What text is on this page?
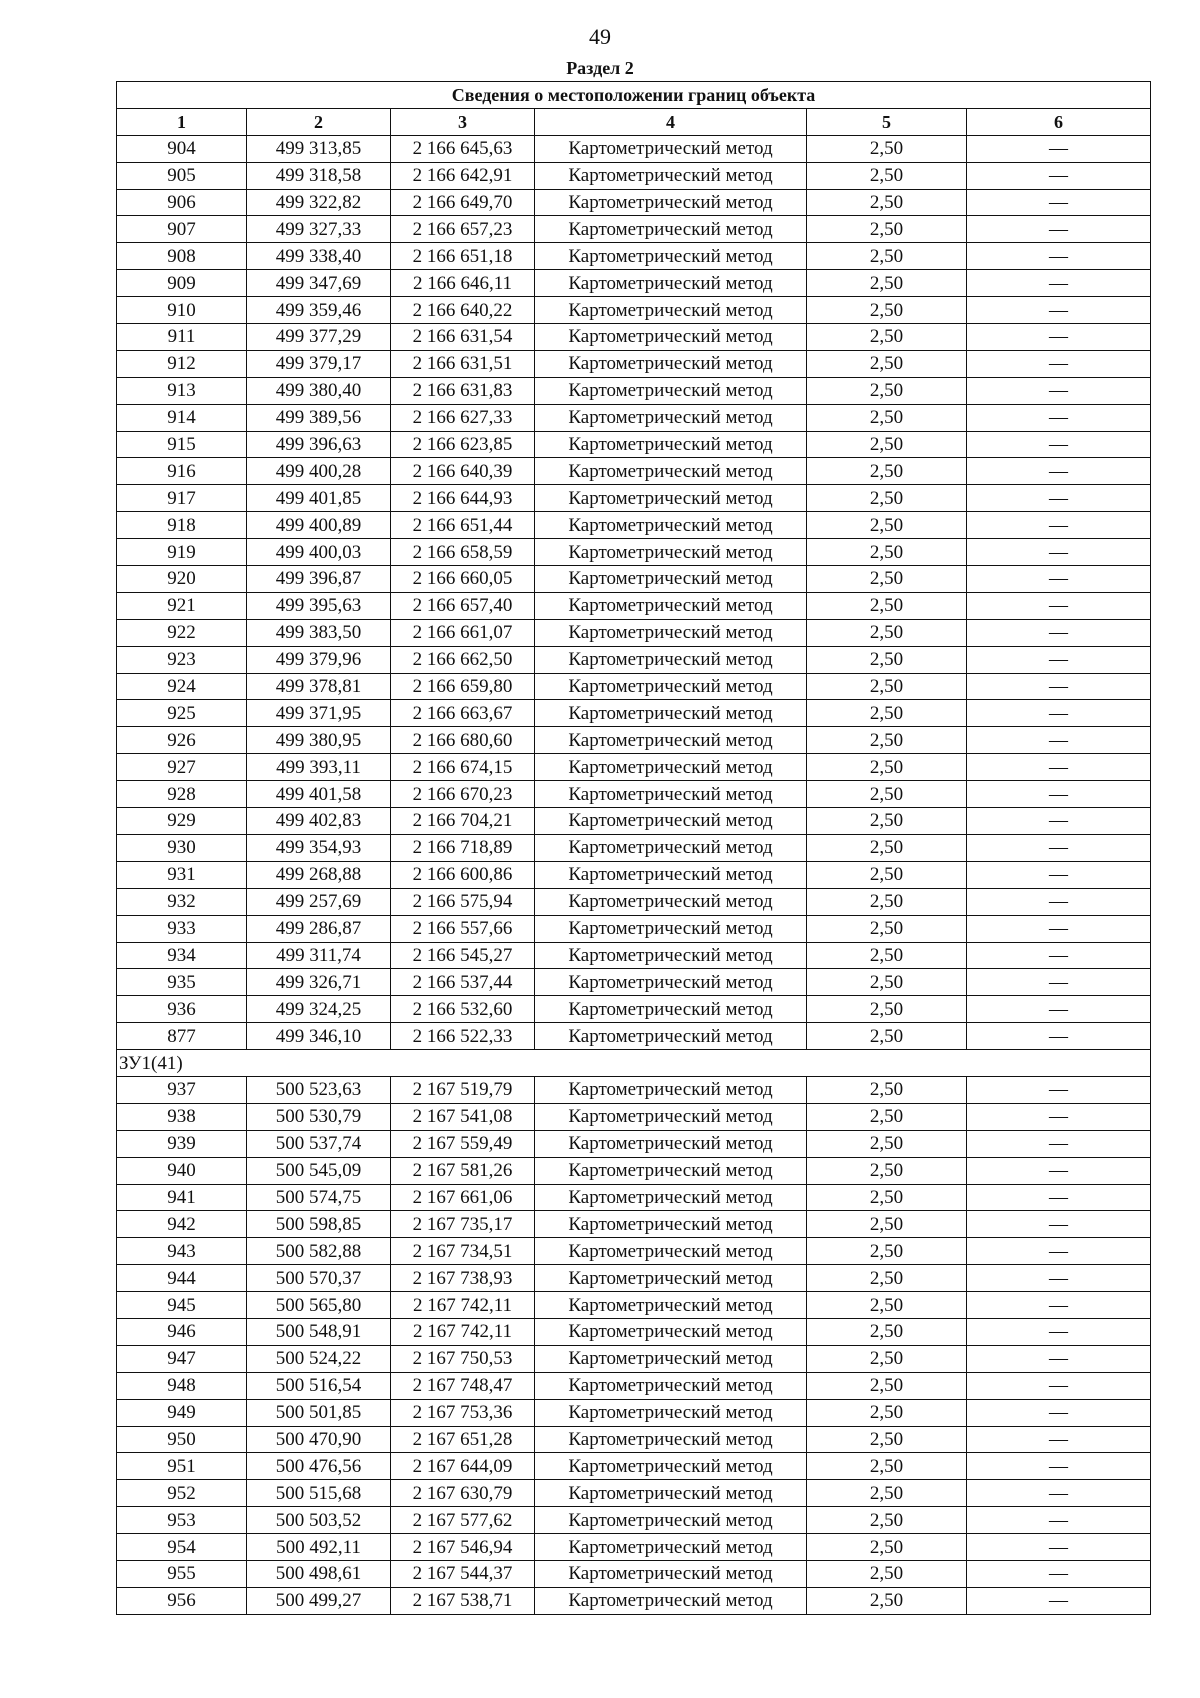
49
Раздел 2
Сведения о местоположении границ объекта					
1	2	3	4	5	6
904	499 313,85	2 166 645,63	Картометрический метод	2,50	—
905	499 318,58	2 166 642,91	Картометрический метод	2,50	—
906	499 322,82	2 166 649,70	Картометрический метод	2,50	—
907	499 327,33	2 166 657,23	Картометрический метод	2,50	—
908	499 338,40	2 166 651,18	Картометрический метод	2,50	—
909	499 347,69	2 166 646,11	Картометрический метод	2,50	—
910	499 359,46	2 166 640,22	Картометрический метод	2,50	—
911	499 377,29	2 166 631,54	Картометрический метод	2,50	—
912	499 379,17	2 166 631,51	Картометрический метод	2,50	—
913	499 380,40	2 166 631,83	Картометрический метод	2,50	—
914	499 389,56	2 166 627,33	Картометрический метод	2,50	—
915	499 396,63	2 166 623,85	Картометрический метод	2,50	—
916	499 400,28	2 166 640,39	Картометрический метод	2,50	—
917	499 401,85	2 166 644,93	Картометрический метод	2,50	—
918	499 400,89	2 166 651,44	Картометрический метод	2,50	—
919	499 400,03	2 166 658,59	Картометрический метод	2,50	—
920	499 396,87	2 166 660,05	Картометрический метод	2,50	—
921	499 395,63	2 166 657,40	Картометрический метод	2,50	—
922	499 383,50	2 166 661,07	Картометрический метод	2,50	—
923	499 379,96	2 166 662,50	Картометрический метод	2,50	—
924	499 378,81	2 166 659,80	Картометрический метод	2,50	—
925	499 371,95	2 166 663,67	Картометрический метод	2,50	—
926	499 380,95	2 166 680,60	Картометрический метод	2,50	—
927	499 393,11	2 166 674,15	Картометрический метод	2,50	—
928	499 401,58	2 166 670,23	Картометрический метод	2,50	—
929	499 402,83	2 166 704,21	Картометрический метод	2,50	—
930	499 354,93	2 166 718,89	Картометрический метод	2,50	—
931	499 268,88	2 166 600,86	Картометрический метод	2,50	—
932	499 257,69	2 166 575,94	Картометрический метод	2,50	—
933	499 286,87	2 166 557,66	Картометрический метод	2,50	—
934	499 311,74	2 166 545,27	Картометрический метод	2,50	—
935	499 326,71	2 166 537,44	Картометрический метод	2,50	—
936	499 324,25	2 166 532,60	Картометрический метод	2,50	—
877	499 346,10	2 166 522,33	Картометрический метод	2,50	—
ЗУ1(41)					
937	500 523,63	2 167 519,79	Картометрический метод	2,50	—
938	500 530,79	2 167 541,08	Картометрический метод	2,50	—
939	500 537,74	2 167 559,49	Картометрический метод	2,50	—
940	500 545,09	2 167 581,26	Картометрический метод	2,50	—
941	500 574,75	2 167 661,06	Картометрический метод	2,50	—
942	500 598,85	2 167 735,17	Картометрический метод	2,50	—
943	500 582,88	2 167 734,51	Картометрический метод	2,50	—
944	500 570,37	2 167 738,93	Картометрический метод	2,50	—
945	500 565,80	2 167 742,11	Картометрический метод	2,50	—
946	500 548,91	2 167 742,11	Картометрический метод	2,50	—
947	500 524,22	2 167 750,53	Картометрический метод	2,50	—
948	500 516,54	2 167 748,47	Картометрический метод	2,50	—
949	500 501,85	2 167 753,36	Картометрический метод	2,50	—
950	500 470,90	2 167 651,28	Картометрический метод	2,50	—
951	500 476,56	2 167 644,09	Картометрический метод	2,50	—
952	500 515,68	2 167 630,79	Картометрический метод	2,50	—
953	500 503,52	2 167 577,62	Картометрический метод	2,50	—
954	500 492,11	2 167 546,94	Картометрический метод	2,50	—
955	500 498,61	2 167 544,37	Картометрический метод	2,50	—
956	500 499,27	2 167 538,71	Картометрический метод	2,50	—
